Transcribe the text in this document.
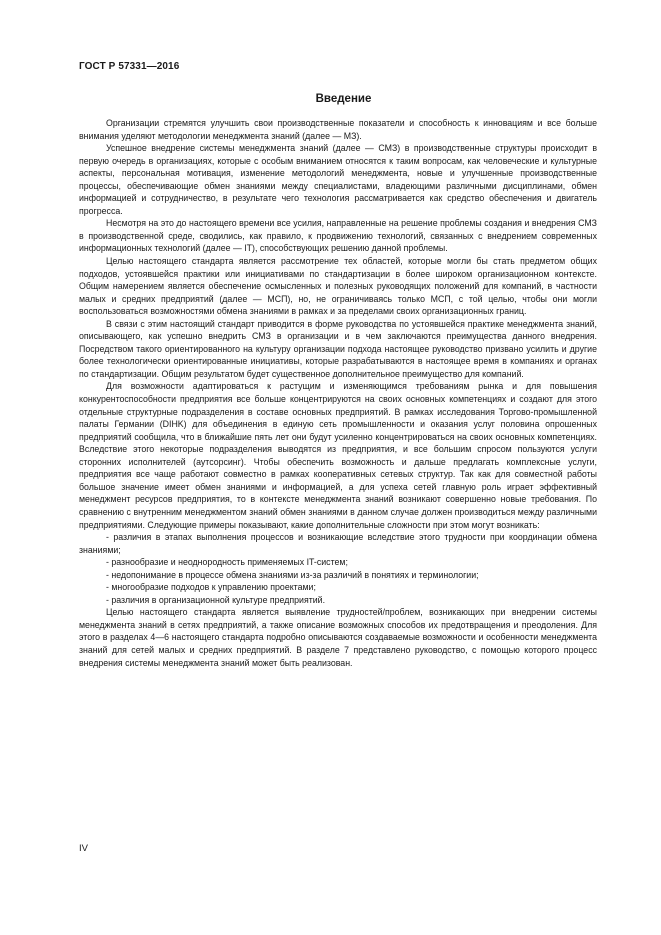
ГОСТ Р 57331—2016
Введение

Организации стремятся улучшить свои производственные показатели и способность к инновациям и все больше внимания уделяют методологии менеджмента знаний (далее — МЗ).

Успешное внедрение системы менеджмента знаний (далее — СМЗ) в производственные структуры происходит в первую очередь в организациях, которые с особым вниманием относятся к таким вопросам, как человеческие и культурные аспекты, персональная мотивация, изменение методологий менеджмента, новые и улучшенные производственные процессы, обеспечивающие обмен знаниями между специалистами, владеющими различными дисциплинами, обмен информацией и сотрудничество, в результате чего технология рассматривается как средство обеспечения и двигатель прогресса.

Несмотря на это до настоящего времени все усилия, направленные на решение проблемы создания и внедрения СМЗ в производственной среде, сводились, как правило, к продвижению технологий, связанных с внедрением современных информационных технологий (далее — IT), способствующих решению данной проблемы.

Целью настоящего стандарта является рассмотрение тех областей, которые могли бы стать предметом общих подходов, устоявшейся практики или инициативами по стандартизации в более широком организационном контексте. Общим намерением является обеспечение осмысленных и полезных руководящих положений для компаний, в частности малых и средних предприятий (далее — МСП), но, не ограничиваясь только МСП, с той целью, чтобы они могли воспользоваться возможностями обмена знаниями в рамках и за пределами своих организационных границ.

В связи с этим настоящий стандарт приводится в форме руководства по устоявшейся практике менеджмента знаний, описывающего, как успешно внедрить СМЗ в организации и в чем заключаются преимущества данного внедрения. Посредством такого ориентированного на культуру организации подхода настоящее руководство призвано усилить и другие более технологически ориентированные инициативы, которые разрабатываются в настоящее время в компаниях и органах по стандартизации. Общим результатом будет существенное дополнительное преимущество для компаний.

Для возможности адаптироваться к растущим и изменяющимся требованиям рынка и для повышения конкурентоспособности предприятия все больше концентрируются на своих основных компетенциях и создают для этого отдельные структурные подразделения в составе основных предприятий. В рамках исследования Торгово-промышленной палаты Германии (DIHK) для объединения в единую сеть промышленности и оказания услуг половина опрошенных предприятий сообщила, что в ближайшие пять лет они будут усиленно концентрироваться на своих основных компетенциях. Вследствие этого некоторые подразделения выводятся из предприятия, и все большим спросом пользуются услуги сторонних исполнителей (аутсорсинг). Чтобы обеспечить возможность и дальше предлагать комплексные услуги, предприятия все чаще работают совместно в рамках кооперативных сетевых структур. Так как для совместной работы большое значение имеет обмен знаниями и информацией, а для успеха сетей главную роль играет эффективный менеджмент ресурсов предприятия, то в контексте менеджмента знаний возникают совершенно новые требования. По сравнению с внутренним менеджментом знаний обмен знаниями в данном случае должен производиться между различными предприятиями. Следующие примеры показывают, какие дополнительные сложности при этом могут возникать:

- различия в этапах выполнения процессов и возникающие вследствие этого трудности при координации обмена знаниями;

- разнообразие и неоднородность применяемых IT-систем;

- недопонимание в процессе обмена знаниями из-за различий в понятиях и терминологии;

- многообразие подходов к управлению проектами;

- различия в организационной культуре предприятий.

Целью настоящего стандарта является выявление трудностей/проблем, возникающих при внедрении системы менеджмента знаний в сетях предприятий, а также описание возможных способов их предотвращения и преодоления. Для этого в разделах 4—6 настоящего стандарта подробно описываются создаваемые возможности и особенности менеджмента знаний для сетей малых и средних предприятий. В разделе 7 представлено руководство, с помощью которого процесс внедрения системы менеджмента знаний может быть реализован.

IV
